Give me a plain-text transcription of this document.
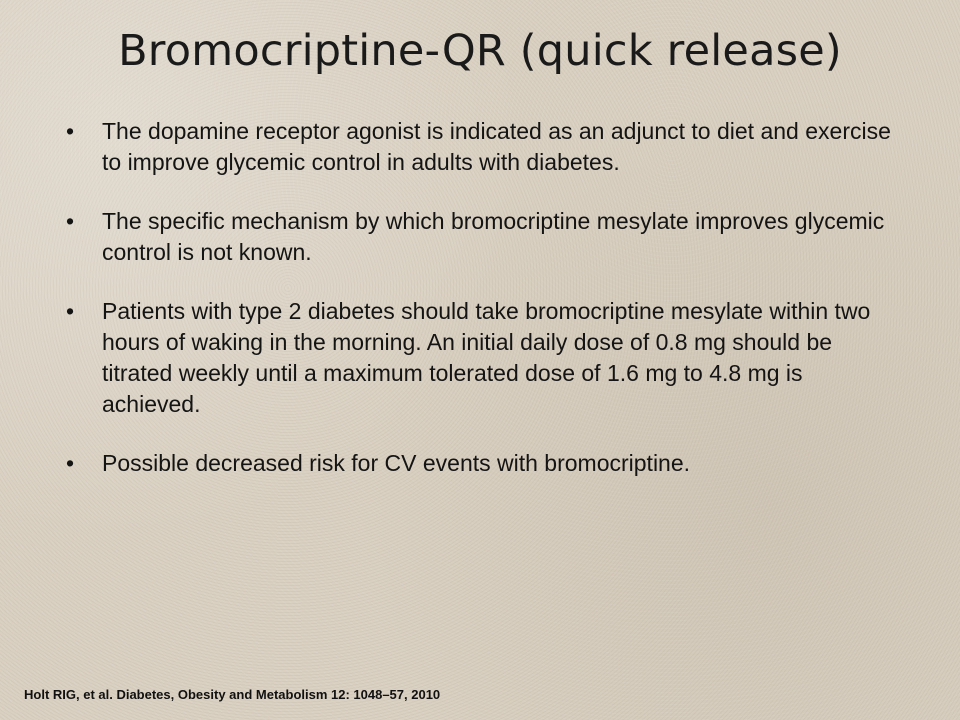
Bromocriptine-QR (quick release)
• The dopamine receptor agonist is indicated as an adjunct to diet and exercise to improve glycemic control in adults with diabetes.
• The specific mechanism by which bromocriptine mesylate improves glycemic control is not known.
• Patients with type 2 diabetes should take bromocriptine mesylate within two hours of waking in the morning. An initial daily dose of 0.8 mg should be titrated weekly until a maximum tolerated dose of 1.6 mg to 4.8 mg is achieved.
• Possible decreased risk for CV events with bromocriptine.

Holt RIG, et al. Diabetes, Obesity and Metabolism 12: 1048–57, 2010
